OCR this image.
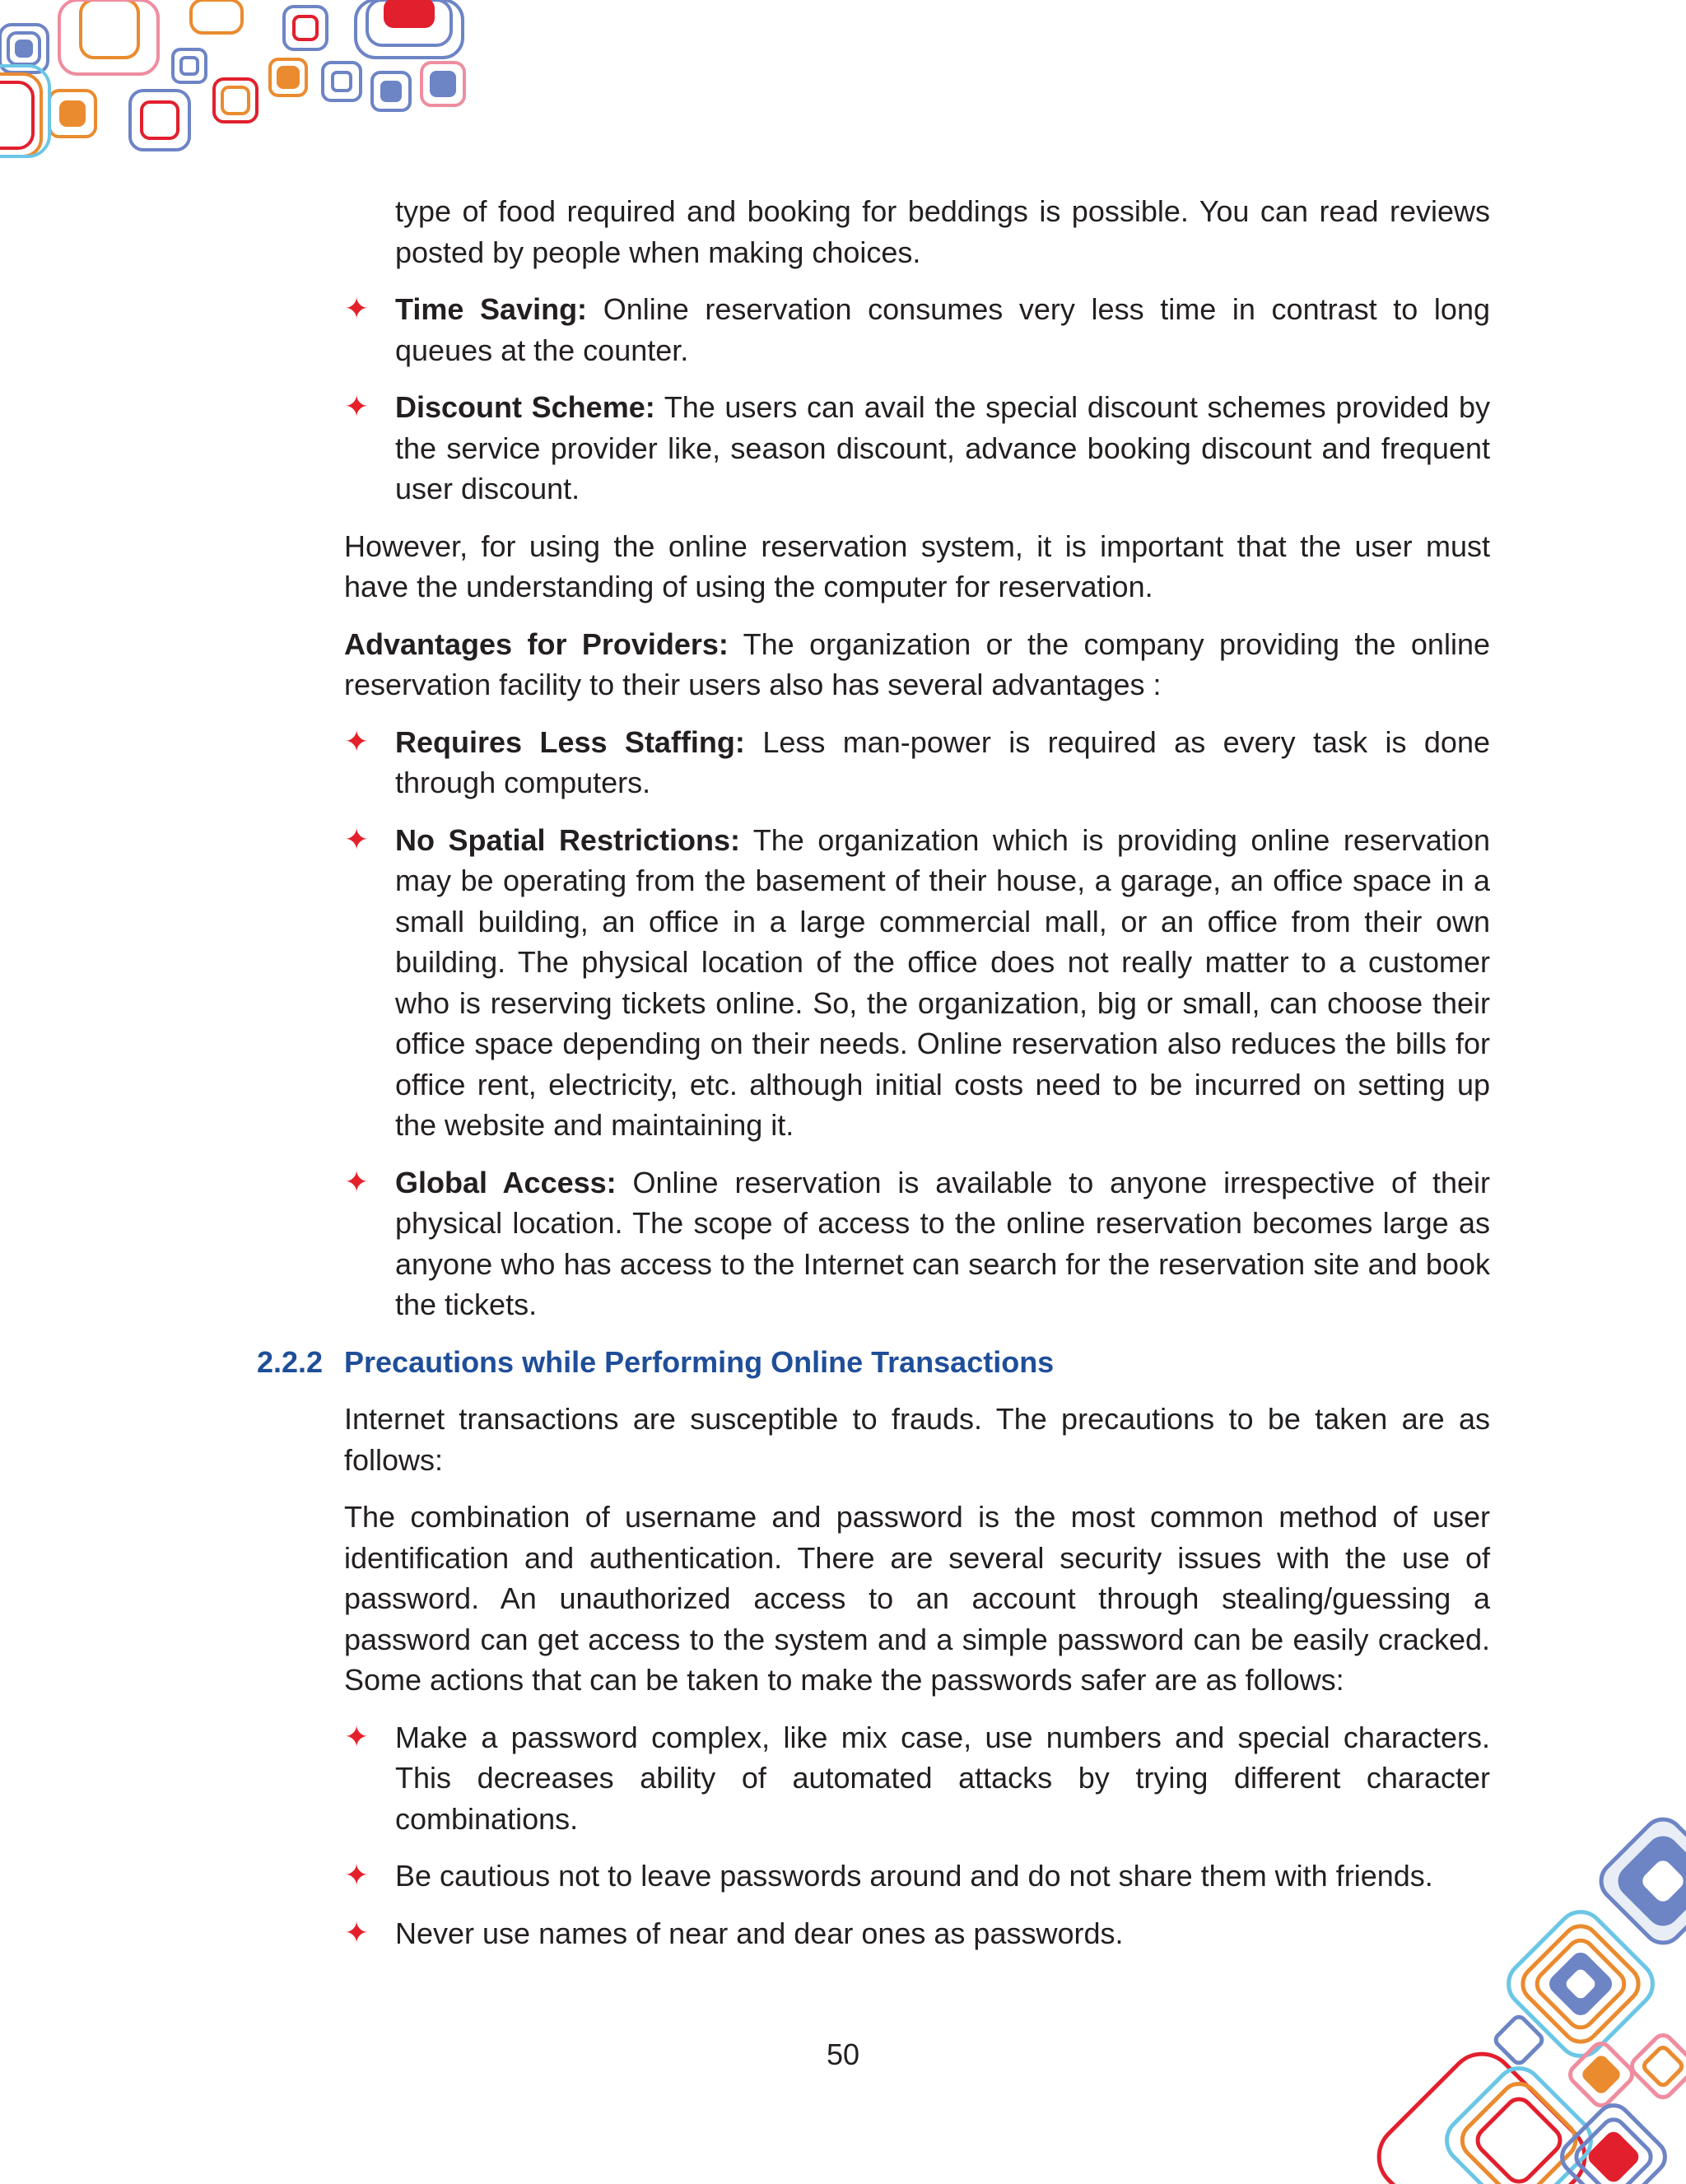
type of food required and booking for beddings is possible. You can read reviews posted by people when making choices.

✦ Time Saving: Online reservation consumes very less time in contrast to long queues at the counter.
✦ Discount Scheme: The users can avail the special discount schemes provided by the service provider like, season discount, advance booking discount and frequent user discount.

However, for using the online reservation system, it is important that the user must have the understanding of using the computer for reservation.

Advantages for Providers: The organization or the company providing the online reservation facility to their users also has several advantages :

✦ Requires Less Staffing: Less man-power is required as every task is done through computers.
✦ No Spatial Restrictions: The organization which is providing online reservation may be operating from the basement of their house, a garage, an office space in a small building, an office in a large commercial mall, or an office from their own building. The physical location of the office does not really matter to a customer who is reserving tickets online. So, the organization, big or small, can choose their office space depending on their needs. Online reservation also reduces the bills for office rent, electricity, etc. although initial costs need to be incurred on setting up the website and maintaining it.
✦ Global Access: Online reservation is available to anyone irrespective of their physical location. The scope of access to the online reservation becomes large as anyone who has access to the Internet can search for the reservation site and book the tickets.
2.2.2 Precautions while Performing Online Transactions

Internet transactions are susceptible to frauds. The precautions to be taken are as follows:

The combination of username and password is the most common method of user identification and authentication. There are several security issues with the use of password. An unauthorized access to an account through stealing/guessing a password can get access to the system and a simple password can be easily cracked. Some actions that can be taken to make the passwords safer are as follows:

✦ Make a password complex, like mix case, use numbers and special characters. This decreases ability of automated attacks by trying different character combinations.
✦ Be cautious not to leave passwords around and do not share them with friends.
✦ Never use names of near and dear ones as passwords.
50
